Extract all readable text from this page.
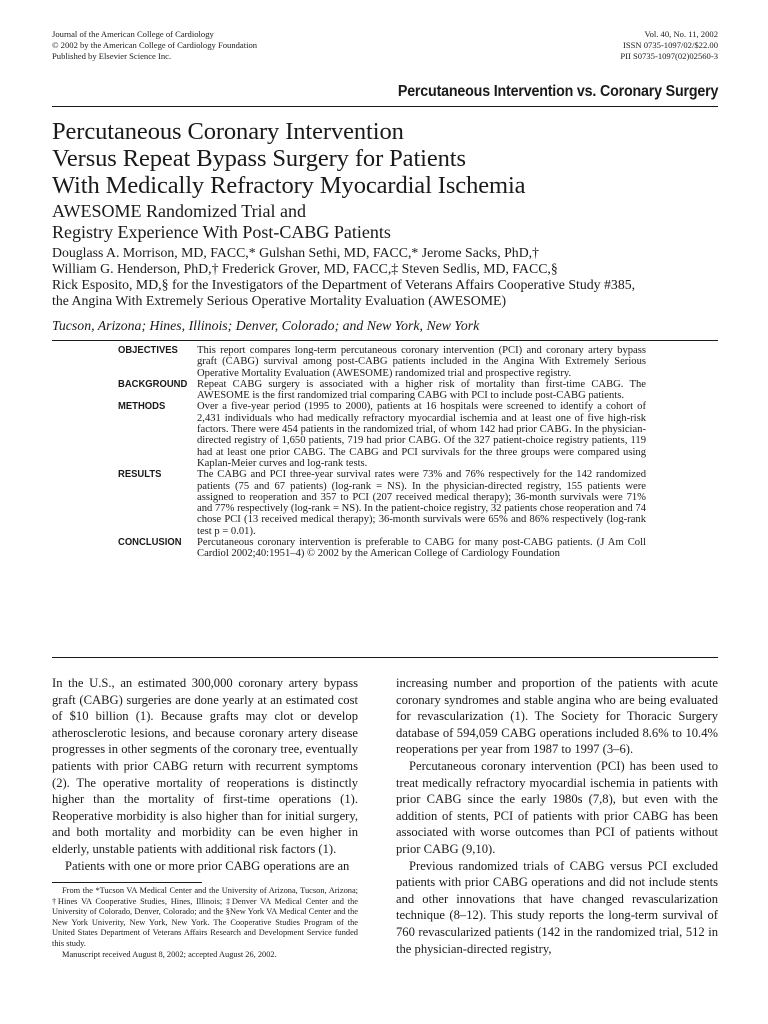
Journal of the American College of Cardiology
© 2002 by the American College of Cardiology Foundation
Published by Elsevier Science Inc.
Vol. 40, No. 11, 2002
ISSN 0735-1097/02/$22.00
PII S0735-1097(02)02560-3
Percutaneous Intervention vs. Coronary Surgery
Percutaneous Coronary Intervention
Versus Repeat Bypass Surgery for Patients
With Medically Refractory Myocardial Ischemia
AWESOME Randomized Trial and
Registry Experience With Post-CABG Patients
Douglass A. Morrison, MD, FACC,* Gulshan Sethi, MD, FACC,* Jerome Sacks, PhD,†
William G. Henderson, PhD,† Frederick Grover, MD, FACC,‡ Steven Sedlis, MD, FACC,§
Rick Esposito, MD,§ for the Investigators of the Department of Veterans Affairs Cooperative Study #385,
the Angina With Extremely Serious Operative Mortality Evaluation (AWESOME)
Tucson, Arizona; Hines, Illinois; Denver, Colorado; and New York, New York
OBJECTIVES	This report compares long-term percutaneous coronary intervention (PCI) and coronary artery bypass graft (CABG) survival among post-CABG patients included in the Angina With Extremely Serious Operative Mortality Evaluation (AWESOME) randomized trial and prospective registry.
BACKGROUND Repeat CABG surgery is associated with a higher risk of mortality than first-time CABG. The AWESOME is the first randomized trial comparing CABG with PCI to include post-CABG patients.
METHODS	Over a five-year period (1995 to 2000), patients at 16 hospitals were screened to identify a cohort of 2,431 individuals who had medically refractory myocardial ischemia and at least one of five high-risk factors. There were 454 patients in the randomized trial, of whom 142 had prior CABG. In the physician-directed registry of 1,650 patients, 719 had prior CABG. Of the 327 patient-choice registry patients, 119 had at least one prior CABG. The CABG and PCI survivals for the three groups were compared using Kaplan-Meier curves and log-rank tests.
RESULTS	The CABG and PCI three-year survival rates were 73% and 76% respectively for the 142 randomized patients (75 and 67 patients) (log-rank = NS). In the physician-directed registry, 155 patients were assigned to reoperation and 357 to PCI (207 received medical therapy); 36-month survivals were 71% and 77% respectively (log-rank = NS). In the patient-choice registry, 32 patients chose reoperation and 74 chose PCI (13 received medical therapy); 36-month survivals were 65% and 86% respectively (log-rank test p = 0.01).
CONCLUSION	Percutaneous coronary intervention is preferable to CABG for many post-CABG patients. (J Am Coll Cardiol 2002;40:1951–4) © 2002 by the American College of Cardiology Foundation

In the U.S., an estimated 300,000 coronary artery bypass graft (CABG) surgeries are done yearly at an estimated cost of $10 billion (1). Because grafts may clot or develop atherosclerotic lesions, and because coronary artery disease progresses in other segments of the coronary tree, eventually patients with prior CABG return with recurrent symptoms (2). The operative mortality of reoperations is distinctly higher than the mortality of first-time operations (1). Reoperative morbidity is also higher than for initial surgery, and both mortality and morbidity can be even higher in elderly, unstable patients with additional risk factors (1).

Patients with one or more prior CABG operations are an

increasing number and proportion of the patients with acute coronary syndromes and stable angina who are being evaluated for revascularization (1). The Society for Thoracic Surgery database of 594,059 CABG operations included 8.6% to 10.4% reoperations per year from 1987 to 1997 (3–6).

Percutaneous coronary intervention (PCI) has been used to treat medically refractory myocardial ischemia in patients with prior CABG since the early 1980s (7,8), but even with the addition of stents, PCI of patients with prior CABG has been associated with worse outcomes than PCI of patients without prior CABG (9,10).

Previous randomized trials of CABG versus PCI excluded patients with prior CABG operations and did not include stents and other innovations that have changed revascularization technique (8–12). This study reports the long-term survival of 760 revascularized patients (142 in the randomized trial, 512 in the physician-directed registry,

From the *Tucson VA Medical Center and the University of Arizona, Tucson, Arizona; †Hines VA Cooperative Studies, Hines, Illinois; ‡Denver VA Medical Center and the University of Colorado, Denver, Colorado; and the §New York VA Medical Center and the New York Univerity, New York, New York. The Cooperative Studies Program of the United States Department of Veterans Affairs Research and Development Service funded this study.

Manuscript received August 8, 2002; accepted August 26, 2002.
